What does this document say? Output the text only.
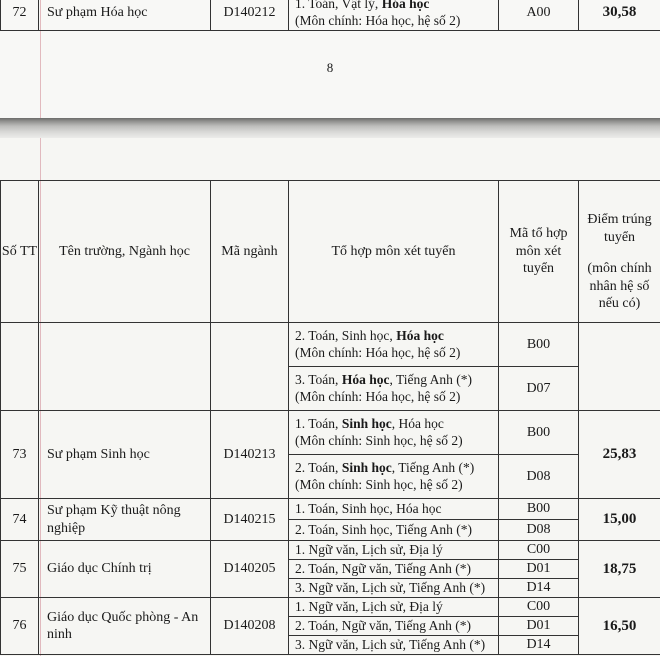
72	Sư phạm Hóa học	D140212	1. Toán, Vật lý, Hóa học
(Môn chính: Hóa học, hệ số 2)	A00	30,58
8
Số TT	Tên trường, Ngành học	Mã ngành	Tổ hợp môn xét tuyển	Mã tổ hợp môn xét tuyển	Điểm trúng tuyển
(môn chính nhân hệ số nếu có)

			2. Toán, Sinh học, Hóa học
(Môn chính: Hóa học, hệ số 2)	B00	
			3. Toán, Hóa học, Tiếng Anh (*)
(Môn chính: Hóa học, hệ số 2)	D07	
73	Sư phạm Sinh học	D140213	1. Toán, Sinh học, Hóa học
(Môn chính: Sinh học, hệ số 2)	B00	25,83
			2. Toán, Sinh học, Tiếng Anh (*)
(Môn chính: Sinh học, hệ số 2)	D08	
74	Sư phạm Kỹ thuật nông nghiệp	D140215	1. Toán, Sinh học, Hóa học	B00	15,00
			2. Toán, Sinh học, Tiếng Anh (*)	D08	
75	Giáo dục Chính trị	D140205	1. Ngữ văn, Lịch sử, Địa lý	C00	18,75
			2. Toán, Ngữ văn, Tiếng Anh (*)	D01	
			3. Ngữ văn, Lịch sử, Tiếng Anh (*)	D14	
76	Giáo dục Quốc phòng - An ninh	D140208	1. Ngữ văn, Lịch sử, Địa lý	C00	16,50
			2. Toán, Ngữ văn, Tiếng Anh (*)	D01	
			3. Ngữ văn, Lịch sử, Tiếng Anh (*)	D14	
